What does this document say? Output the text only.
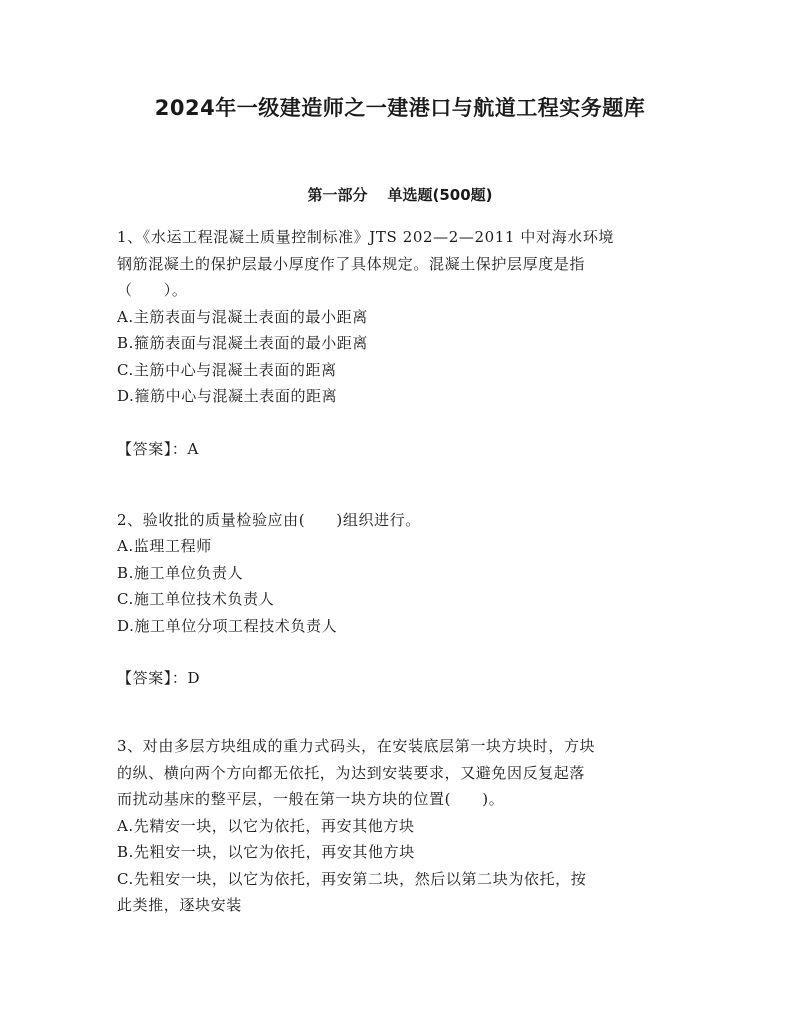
2024年一级建造师之一建港口与航道工程实务题库

第一部分 单选题(500题)

1、《水运工程混凝土质量控制标准》JTS 202—2—2011 中对海水环境
钢筋混凝土的保护层最小厚度作了具体规定。混凝土保护层厚度是指
（　　）。

A.主筋表面与混凝土表面的最小距离

B.箍筋表面与混凝土表面的最小距离

C.主筋中心与混凝土表面的距离

D.箍筋中心与混凝土表面的距离

【答案】：A

2、验收批的质量检验应由(　　)组织进行。

A.监理工程师

B.施工单位负责人

C.施工单位技术负责人

D.施工单位分项工程技术负责人

【答案】：D

3、对由多层方块组成的重力式码头，在安装底层第一块方块时，方块
的纵、横向两个方向都无依托，为达到安装要求，又避免因反复起落
而扰动基床的整平层，一般在第一块方块的位置(　　)。

A.先精安一块，以它为依托，再安其他方块

B.先粗安一块，以它为依托，再安其他方块

C.先粗安一块，以它为依托，再安第二块，然后以第二块为依托，按
此类推，逐块安装
